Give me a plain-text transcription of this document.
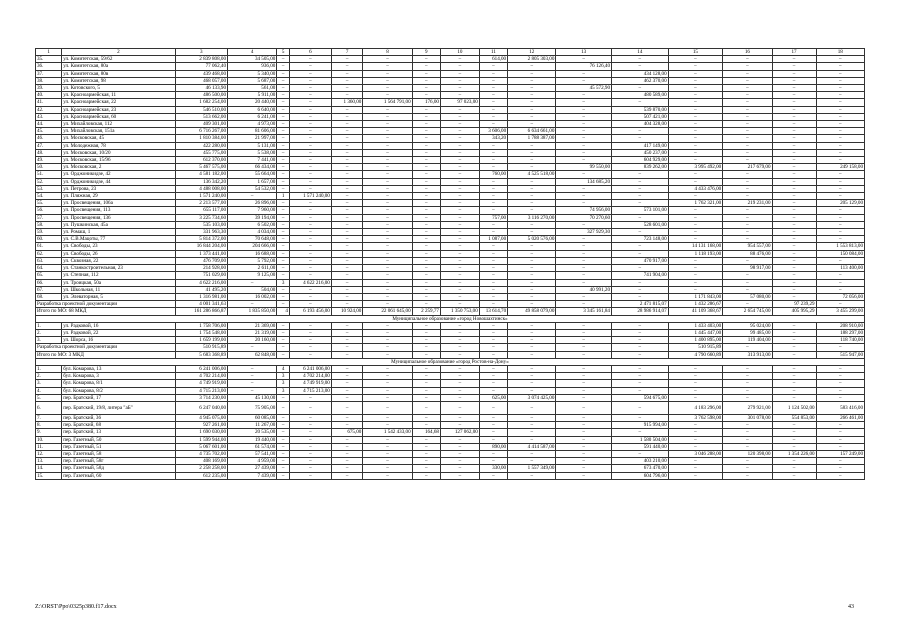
1	2	3	4	5	6	7	8	9	10	11	12	13	14	15	16	17	18
35.	ул. Комитетская, 59/62	2 839 808,00	34 505,00	–	–	–	–	–	–	614,00	2 805 303,00	–	–	–	–	–	–
36.	ул. Комитетская, 80а	77 062,40	936,00	–	–	–	–	–	–	–	–	76 126,40	–	–	–	–	–
37.	ул. Комитетская, 80в	439 468,00	5 340,00	–	–	–	–	–	–	–	–	–	434 128,00	–	–	–	–
38.	ул. Комитетская, 98	468 057,00	5 687,00	–	–	–	–	–	–	–	–	–	462 370,00	–	–	–	–
39.	ул. Котовского, 5	46 133,90	561,00	–	–	–	–	–	–	–	–	45 572,90	–	–	–	–	–
40.	ул. Красноармейская, 11	486 500,00	5 911,00	–	–	–	–	–	–	–	–	–	480 589,00	–	–	–	–
41.	ул. Красноармейская, 22	1 682 254,00	20 440,00	–	–	1 360,00	1 564 791,00	176,00	97 023,00	–	–	–	–	–	–	–	–
42.	ул. Красноармейская, 23	546 510,00	6 640,00	–	–	–	–	–	–	–	–	–	539 870,00	–	–	–	–
43.	ул. Красноармейская, 60	513 662,00	6 241,00	–	–	–	–	–	–	–	–	–	507 421,00	–	–	–	–
44.	ул. Михайловская, 112	409 301,00	4 973,00	–	–	–	–	–	–	–	–	–	404 328,00	–	–	–	–
45.	ул. Михайловская, 151а	6 716 267,00	81 606,00	–	–	–	–	–	–	3 606,00	6 634 661,00	–	–	–	–	–	–
46.	ул. Московская, 45	1 810 384,00	21 997,00	–	–	–	–	–	–	343,20	1 788 387,00	–	–	–	–	–	–
47.	ул. Молодежная, 78	422 280,00	5 131,00	–	–	–	–	–	–	–	–	–	417 149,00	–	–	–	–
48.	ул. Московская, 10/20	455 775,00	5 538,00	–	–	–	–	–	–	–	–	–	450 237,00	–	–	–	–
49.	ул. Московская, 15/96	612 370,00	7 441,00	–	–	–	–	–	–	–	–	–	604 929,00	–	–	–	–
50.	ул. Московская, 2	5 467 575,00	66 434,00	–	–	–	–	–	–	–	–	99 550,00	839 262,00	3 995 492,00	217 679,00	–	249 158,00
51.	ул. Орджоникидзе, 42	4 581 182,00	55 664,00	–	–	–	–	–	–	760,00	4 525 518,00	–	–	–	–	–	–
52.	ул. Орджоникидзе, 44	136 342,20	1 657,00	–	–	–	–	–	–	–	–	134 685,20	–	–	–	–	–
53.	ул. Петрова, 23	4 488 008,00	54 532,00	–	–	–	–	–	–	–	–	–	–	4 433 476,00	–	–	–
54.	ул. Пляжная, 29	1 571 240,00	–	1	1 571 240,00	–	–	–	–	–	–	–	–	–	–	–	–
55.	ул. Просвещения, 106а	2 213 577,00	26 896,00	–	–	–	–	–	–	–	–	–	–	1 762 321,00	219 231,00	–	205 129,00
56.	ул. Просвещения, 113	655 117,00	7 960,00	–	–	–	–	–	–	–	–	74 956,00	573 101,00	–	–	–	–
57.	ул. Просвещения, 136	3 225 734,60	39 194,00	–	–	–	–	–	–	757,00	3 116 270,00	70 270,60	–	–	–	–	–
58.	ул. Пушкинская, 45а	535 103,00	6 502,00	–	–	–	–	–	–	–	–	–	528 601,00	–	–	–	–
59.	ул. Ромаш, 1	331 963,30	4 034,00	–	–	–	–	–	–	–	–	327 929,30	–	–	–	–	–
60.	ул. С.В.Мацоты, 77	5 814 372,00	70 648,00	–	–	–	–	–	–	1 087,00	5 020 576,00	–	723 148,00	–	–	–	–
61.	ул. Свободы, 23	16 844 204,00	204 666,00	–	–	–	–	–	–	–	–	–	–	14 131 168,00	954 557,00	–	1 553 813,00
62.	ул. Свободы, 26	1 373 441,00	16 688,00	–	–	–	–	–	–	–	–	–	–	1 118 193,00	88 476,00	–	150 084,00
63.	ул. Сквозная, 22	476 709,00	5 792,00	–	–	–	–	–	–	–	–	–	470 917,00	–	–	–	–
64.	ул. Станкостроительная, 23	214 928,00	2 611,00	–	–	–	–	–	–	–	–	–	–	–	98 917,00	–	113 400,00
65.	ул. Степная, 112	751 029,00	9 125,00	–	–	–	–	–	–	–	–	–	741 904,00	–	–	–	–
66.	ул. Троицкая, 50а	4 622 216,00	–	3	4 622 216,00	–	–	–	–	–	–	–	–	–	–	–	–
67.	ул. Школьная, 11	41 495,20	504,00	–	–	–	–	–	–	–	–	40 991,20	–	–	–	–	–
68.	ул. Элеваторная, 5	1 316 981,00	16 002,00	–	–	–	–	–	–	–	–	–	–	1 171 843,00	57 080,00	–	72 056,00
Разработка проектной документации		4 001 341,63	–	–	–	–	–	–	–	–	–	–	2 471 815,07	1 432 286,67	–	97 239,29	–
Итого по МО: 68 МКД		161 286 866,87	1 835 850,00	4	6 193 456,00	10 924,00	22 061 645,00	2 259,77	1 350 753,00	13 614,70	49 858 079,00	3 345 161,84	28 986 914,07	41 109 368,67	2 654 745,00	405 995,29	3 455 299,00
Муниципальное образование «город Новошахтинск»																	
1.	ул. Радковой, 16	1 758 706,00	21 369,00	–	–	–	–	–	–	–	–	–	–	1 433 403,00	95 024,00	–	208 910,00
2.	ул. Радковой, 22	1 754 548,00	21 319,00	–	–	–	–	–	–	–	–	–	–	1 445 447,00	99 485,00	–	188 297,00
3.	ул. Шорса, 16	1 659 199,00	20 160,00	–	–	–	–	–	–	–	–	–	–	1 400 895,00	119 404,00	–	118 740,00
Разработка проектной документации		510 915,89	–	–	–	–	–	–	–	–	–	–	–	510 915,89	–	–	–
Итого по МО: 3 МКД		5 683 368,89	62 848,00	–	–	–	–	–	–	–	–	–	–	4 790 660,89	313 913,00	–	515 947,00
Муниципальное образование «город Ростов-на-Дону»																	
1.	бул. Комарова, 13	6 241 006,00	–	4	6 241 006,00	–	–	–	–	–	–	–	–	–	–	–	–
2.	бул. Комарова, 3	4 702 214,00	–	3	4 702 214,00	–	–	–	–	–	–	–	–	–	–	–	–
3.	бул. Комарова, 8/1	4 749 919,00	–	3	4 749 919,00	–	–	–	–	–	–	–	–	–	–	–	–
4.	бул. Комарова, 8/2	4 715 213,00	–	3	4 715 213,00	–	–	–	–	–	–	–	–	–	–	–	–
5.	пер. Братский, 17	3 714 230,00	45 130,00	–	–	–	–	–	–	625,00	3 074 425,00	–	594 675,00	–	–	–	–
6.	пер. Братский, 19/8, литера "аБ"	6 247 040,00	75 905,00	–	–	–	–	–	–	–	–	–	–	4 183 296,00	279 921,00	1 124 502,00	583 416,00
7.	пер. Братский, 36	4 945 075,00	60 085,00	–	–	–	–	–	–	–	–	–	–	3 762 598,00	301 078,00	554 853,00	266 461,00
8.	пер. Братский, 68	927 261,00	11 267,00	–	–	–	–	–	–	–	–	–	915 994,00	–	–	–	–
9.	пер. Братский, 13	1 690 030,00	20 535,00	–	–	675,00	1 542 433,00	164,68	127 062,00	–	–	–	–	–	–	–	–
10.	пер. Газетный, 50	1 599 944,00	19 440,00	–	–	–	–	–	–	–	–	–	1 580 504,00	–	–	–	–
11.	пер. Газетный, 51	5 067 601,00	61 574,00	–	–	–	–	–	–	890,00	4 414 587,00	–	591 440,00	–	–	–	–
12.	пер. Газетный, 58	4 735 702,00	57 541,00	–	–	–	–	–	–	–	–	–	–	3 046 288,00	120 398,00	1 354 226,00	157 249,00
13.	пер. Газетный, 58г	408 169,00	4 959,00	–	–	–	–	–	–	–	–	–	403 210,00	–	–	–	–
14.	пер. Газетный, 58д	2 258 258,00	27 439,00	–	–	–	–	–	–	330,00	1 557 349,00	–	673 470,00	–	–	–	–
15.	пер. Газетный, 60	612 235,00	7 439,00	–	–	–	–	–	–	–	–	–	604 796,00	–	–	–	–
Z:\ORST\Ppo\0325p380.f17.docx	43
